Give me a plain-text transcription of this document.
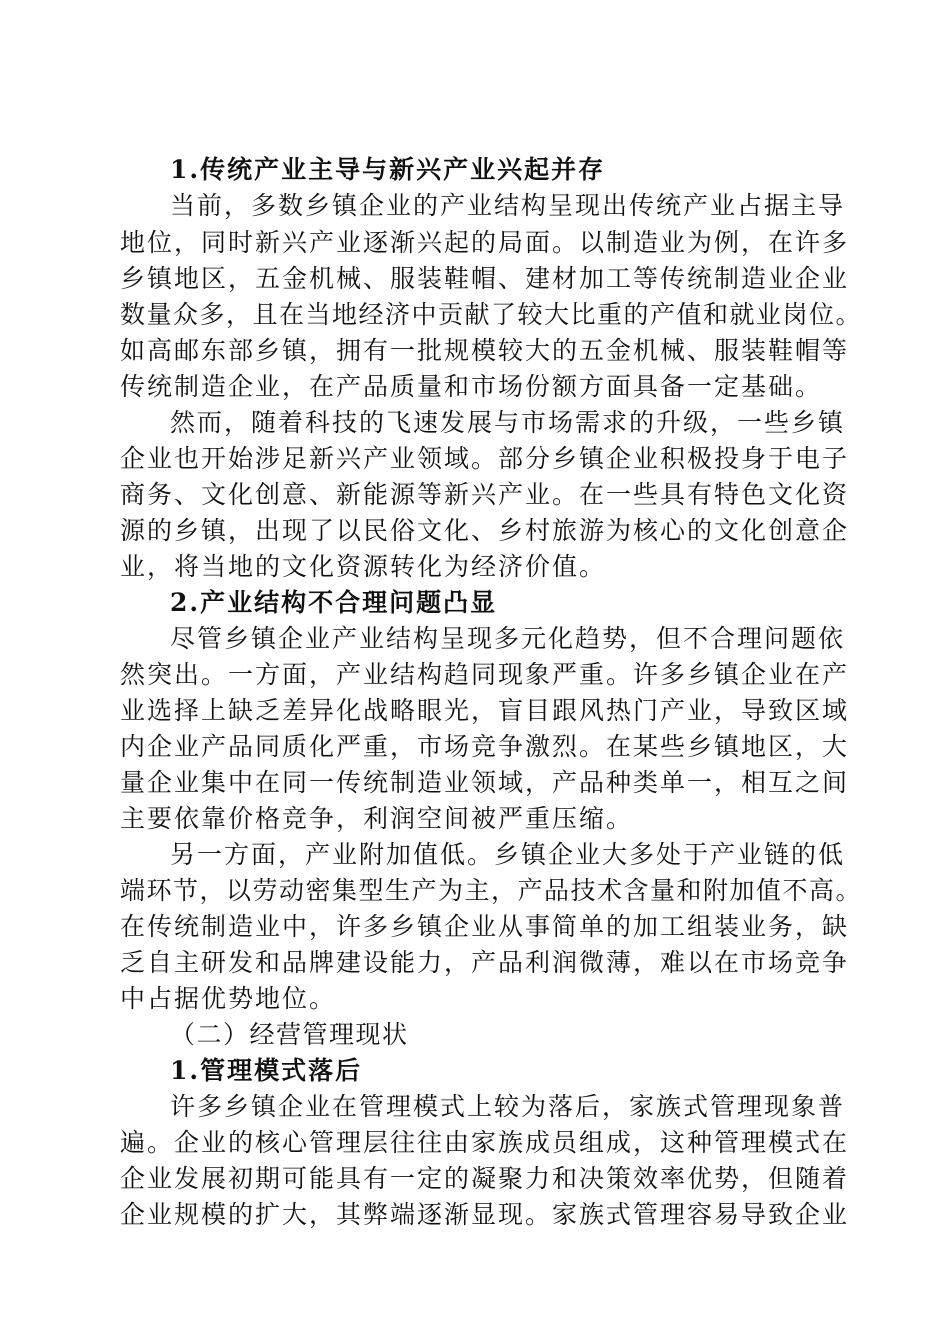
1.传统产业主导与新兴产业兴起并存
当前，多数乡镇企业的产业结构呈现出传统产业占据主导
地位，同时新兴产业逐渐兴起的局面。以制造业为例，在许多
乡镇地区，五金机械、服装鞋帽、建材加工等传统制造业企业
数量众多，且在当地经济中贡献了较大比重的产值和就业岗位。
如高邮东部乡镇，拥有一批规模较大的五金机械、服装鞋帽等
传统制造企业，在产品质量和市场份额方面具备一定基础。
然而，随着科技的飞速发展与市场需求的升级，一些乡镇
企业也开始涉足新兴产业领域。部分乡镇企业积极投身于电子
商务、文化创意、新能源等新兴产业。在一些具有特色文化资
源的乡镇，出现了以民俗文化、乡村旅游为核心的文化创意企
业，将当地的文化资源转化为经济价值。
2.产业结构不合理问题凸显
尽管乡镇企业产业结构呈现多元化趋势，但不合理问题依
然突出。一方面，产业结构趋同现象严重。许多乡镇企业在产
业选择上缺乏差异化战略眼光，盲目跟风热门产业，导致区域
内企业产品同质化严重，市场竞争激烈。在某些乡镇地区，大
量企业集中在同一传统制造业领域，产品种类单一，相互之间
主要依靠价格竞争，利润空间被严重压缩。
另一方面，产业附加值低。乡镇企业大多处于产业链的低
端环节，以劳动密集型生产为主，产品技术含量和附加值不高。
在传统制造业中，许多乡镇企业从事简单的加工组装业务，缺
乏自主研发和品牌建设能力，产品利润微薄，难以在市场竞争
中占据优势地位。
（二）经营管理现状
1.管理模式落后
许多乡镇企业在管理模式上较为落后，家族式管理现象普
遍。企业的核心管理层往往由家族成员组成，这种管理模式在
企业发展初期可能具有一定的凝聚力和决策效率优势，但随着
企业规模的扩大，其弊端逐渐显现。家族式管理容易导致企业
